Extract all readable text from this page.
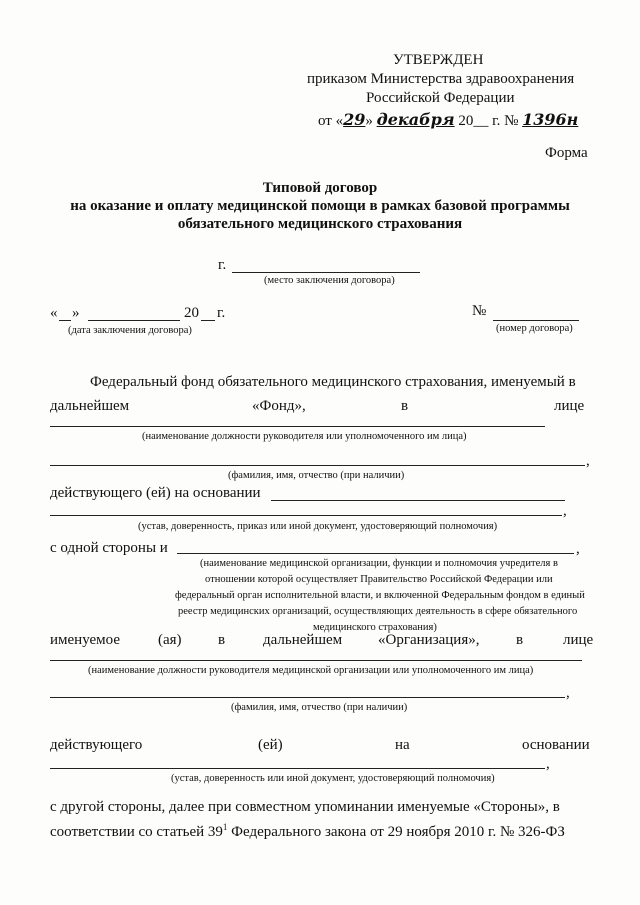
УТВЕРЖДЕН
приказом Министерства здравоохранения
Российской Федерации
от «29» декабря 20__ г. № 1396н
Форма
Типовой договор
на оказание и оплату медицинской помощи в рамках базовой программы
обязательного медицинского страхования
г.
(место заключения договора)
« »	20 г.
(дата заключения договора)
№
(номер договора)
Федеральный фонд обязательного медицинского страхования, именуемый в
дальнейшем	«Фонд»,	в	лице
(наименование должности руководителя или уполномоченного им лица)
,
(фамилия, имя, отчество (при наличии)
действующего (ей) на основании
,
(устав, доверенность, приказ или иной документ, удостоверяющий полномочия)
с одной стороны и	,
(наименование медицинской организации, функции и полномочия учредителя в
отношении которой осуществляет Правительство Российской Федерации или
федеральный орган исполнительной власти, и включенной Федеральным фондом в единый
реестр медицинских организаций, осуществляющих деятельность в сфере обязательного
медицинского страхования)
именуемое	(ая) в	дальнейшем «Организация», в	лице
(наименование должности руководителя медицинской организации или уполномоченного им лица)
,
(фамилия, имя, отчество (при наличии)
действующего	(ей)	на	основании
,
(устав, доверенность или иной документ, удостоверяющий полномочия)
с другой стороны, далее при совместном упоминании именуемые «Стороны», в
соответствии со статьей $39^1$ Федерального закона от 29 ноября 2010 г. № 326-ФЗ
